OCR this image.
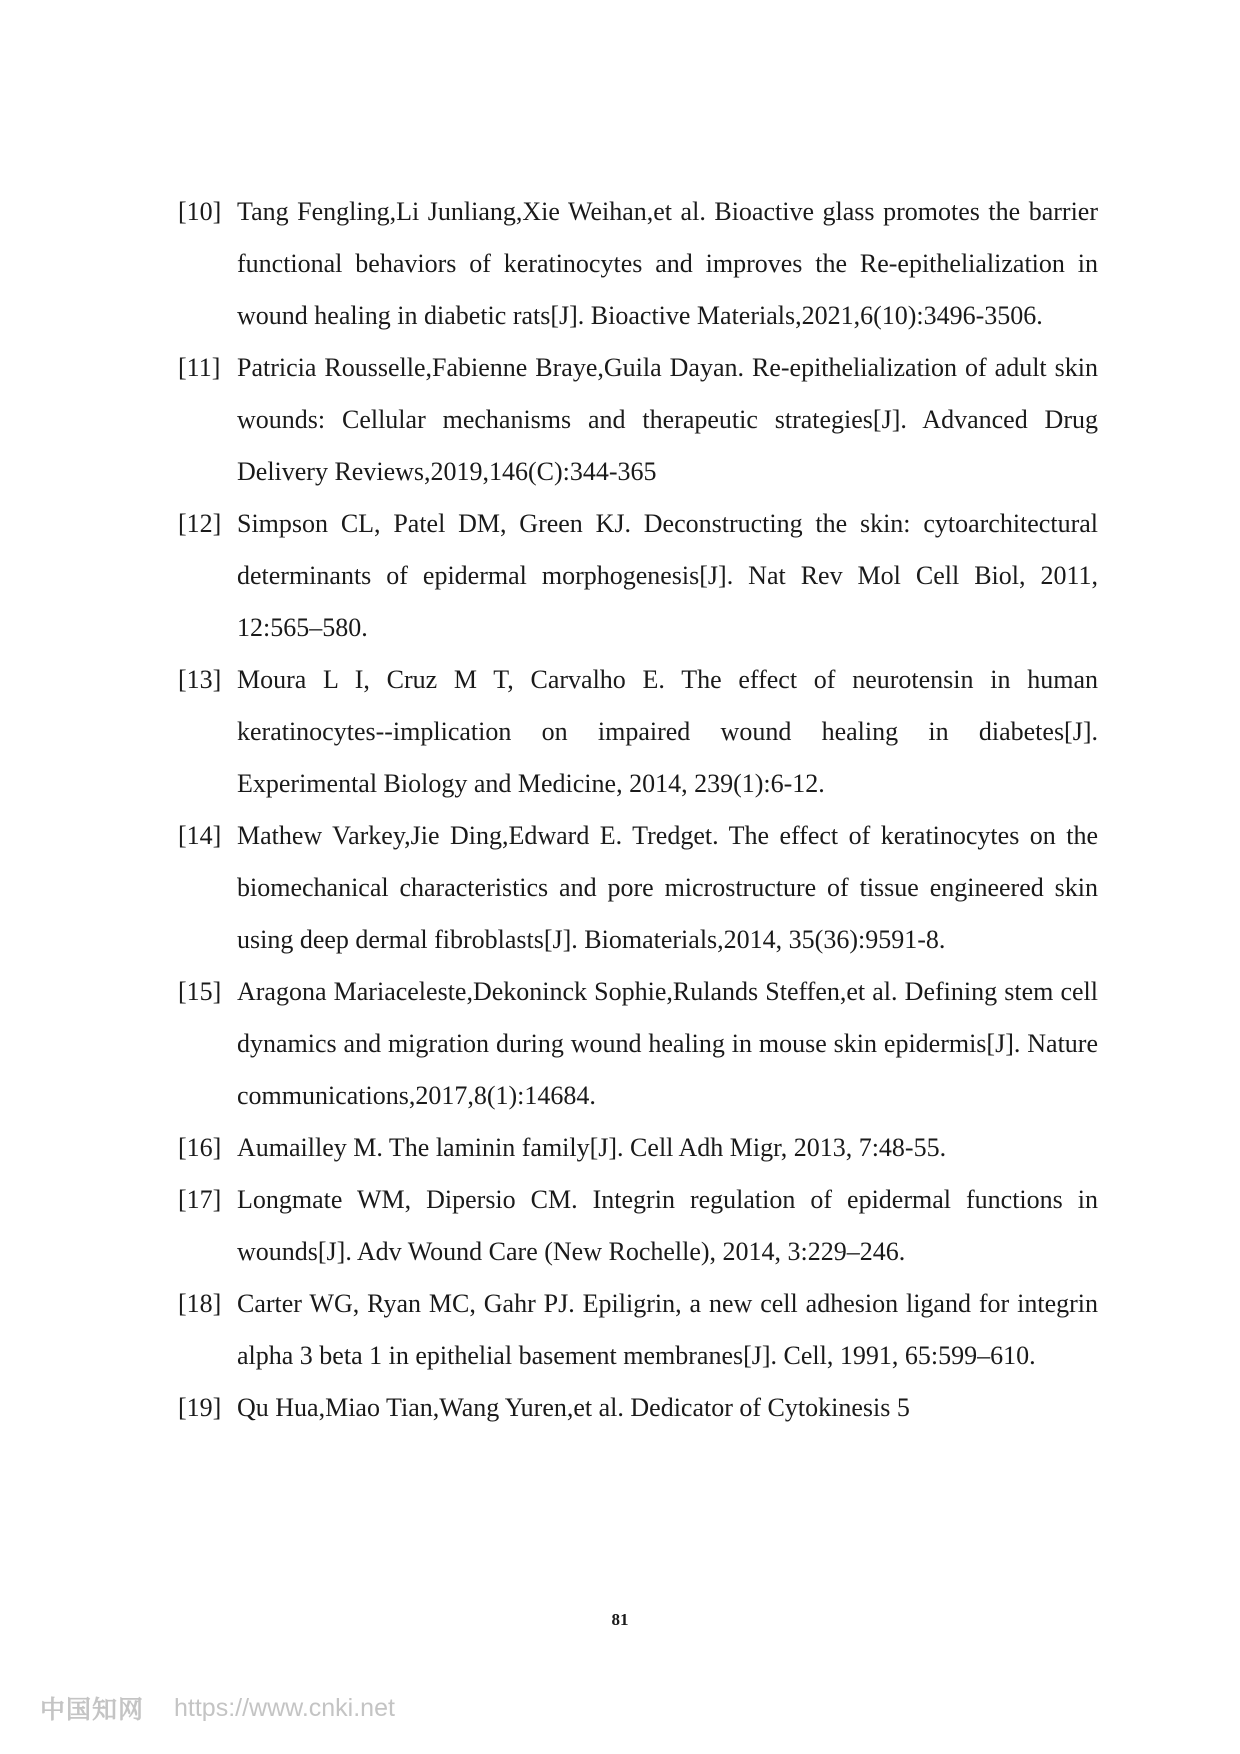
[10] Tang Fengling,Li Junliang,Xie Weihan,et al. Bioactive glass promotes the barrier functional behaviors of keratinocytes and improves the Re-epithelialization in wound healing in diabetic rats[J]. Bioactive Materials,2021,6(10):3496-3506.
[11] Patricia Rousselle,Fabienne Braye,Guila Dayan. Re-epithelialization of adult skin wounds: Cellular mechanisms and therapeutic strategies[J]. Advanced Drug Delivery Reviews,2019,146(C):344-365
[12] Simpson CL, Patel DM, Green KJ. Deconstructing the skin: cytoarchitectural determinants of epidermal morphogenesis[J]. Nat Rev Mol Cell Biol, 2011, 12:565–580.
[13] Moura L I, Cruz M T, Carvalho E. The effect of neurotensin in human keratinocytes--implication on impaired wound healing in diabetes[J]. Experimental Biology and Medicine, 2014, 239(1):6-12.
[14] Mathew Varkey,Jie Ding,Edward E. Tredget. The effect of keratinocytes on the biomechanical characteristics and pore microstructure of tissue engineered skin using deep dermal fibroblasts[J]. Biomaterials,2014, 35(36):9591-8.
[15] Aragona Mariaceleste,Dekoninck Sophie,Rulands Steffen,et al. Defining stem cell dynamics and migration during wound healing in mouse skin epidermis[J]. Nature communications,2017,8(1):14684.
[16] Aumailley M. The laminin family[J]. Cell Adh Migr, 2013, 7:48-55.
[17] Longmate WM, Dipersio CM. Integrin regulation of epidermal functions in wounds[J]. Adv Wound Care (New Rochelle), 2014, 3:229–246.
[18] Carter WG, Ryan MC, Gahr PJ. Epiligrin, a new cell adhesion ligand for integrin alpha 3 beta 1 in epithelial basement membranes[J]. Cell, 1991, 65:599–610.
[19] Qu Hua,Miao Tian,Wang Yuren,et al. Dedicator of Cytokinesis 5
81
中国知网 https://www.cnki.net
